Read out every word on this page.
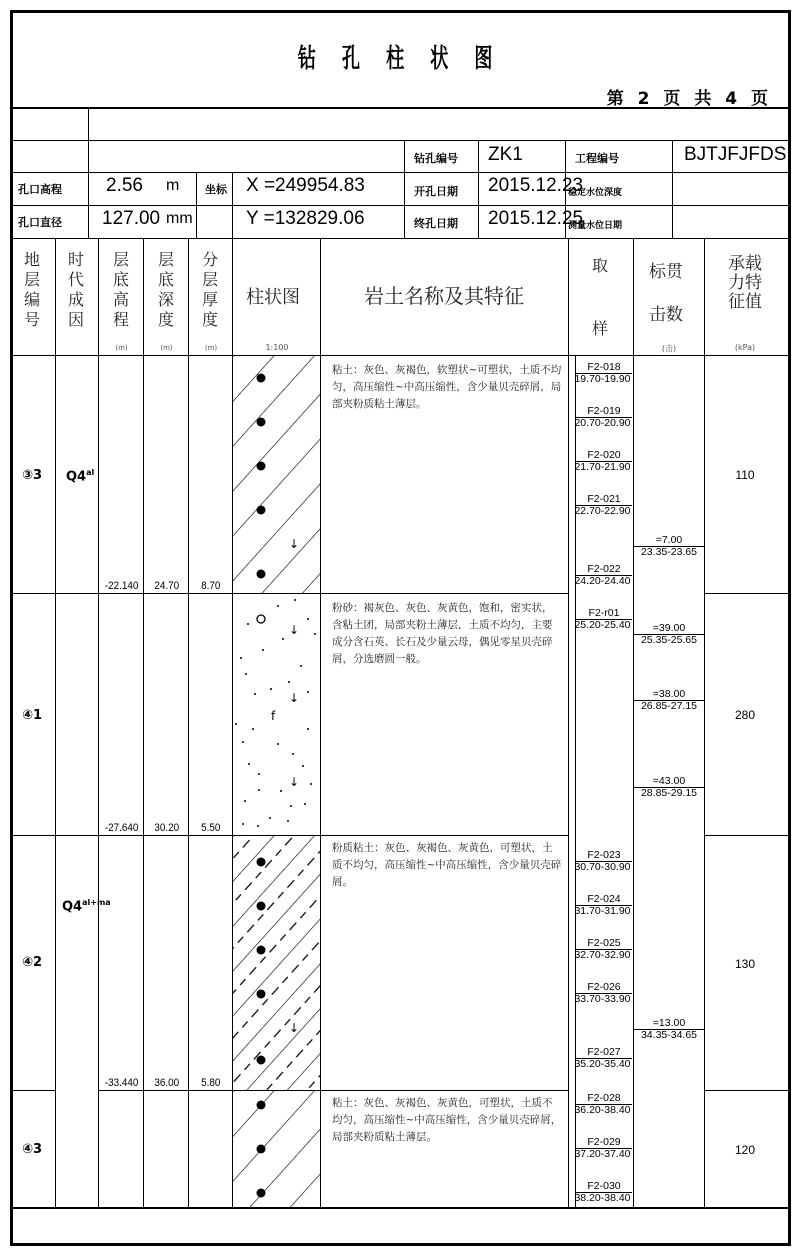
钻 孔 柱 状 图
第 2 页 共 4 页
孔口高程 2.56 m
孔口直径 127.00 mm
坐标 X =249954.83
Y =132829.06
钻孔编号 ZK1
开孔日期 2015.12.23
终孔日期 2015.12.25
工程编号	BJTJFJFDS
稳定水位深度
测量水位日期
地层编号
时代成因
层底高程
(m)
层底深度
(m)
分层厚度
(m)
柱状图
1:100
岩土名称及其特征
取
样
标贯
击数
(击)
承载
力特
征值
(kPa)
③3 $Q4^{al}$
-22.140 24.70 8.70
↓
粘土：灰色、灰褐色，软塑状~可塑状，土质不均匀，高压缩性~中高压缩性，含少量贝壳碎屑，局部夹粉质粘土薄层。
F2-018
19.70-19.90
F2-019
20.70-20.90
F2-020
21.70-21.90
F2-021
22.70-22.90
F2-022
24.20-24.40
=7.00
23.35-23.65
110
④1
-27.640 30.20 5.50
↓
↓
f
↓
粉砂：褐灰色、灰色、灰黄色，饱和，密实状，含粘土团，局部夹粉土薄层，土质不均匀，主要成分含石英、长石及少量云母，偶见零星贝壳碎屑，分选磨圆一般。
F2-r01
25.20-25.40	=39.00
25.35-25.65
=38.00
26.85-27.15
=43.00
28.85-29.15
280
④2
$Q4^{al+ma}$
-33.440 36.00 5.80
↓
粉质粘土：灰色、灰褐色、灰黄色，可塑状，土质不均匀，高压缩性~中高压缩性，含少量贝壳碎屑。
F2-023
30.70-30.90
F2-024
31.70-31.90
F2-025
32.70-32.90
F2-026
33.70-33.90
F2-027
35.20-35.40
=13.00
34.35-34.65
130
④3
粘土：灰色、灰褐色、灰黄色，可塑状，土质不均匀，高压缩性~中高压缩性，含少量贝壳碎屑，局部夹粉质粘土薄层。
F2-028
36.20-38.40
F2-029
37.20-37.40
F2-030
38.20-38.40
120
